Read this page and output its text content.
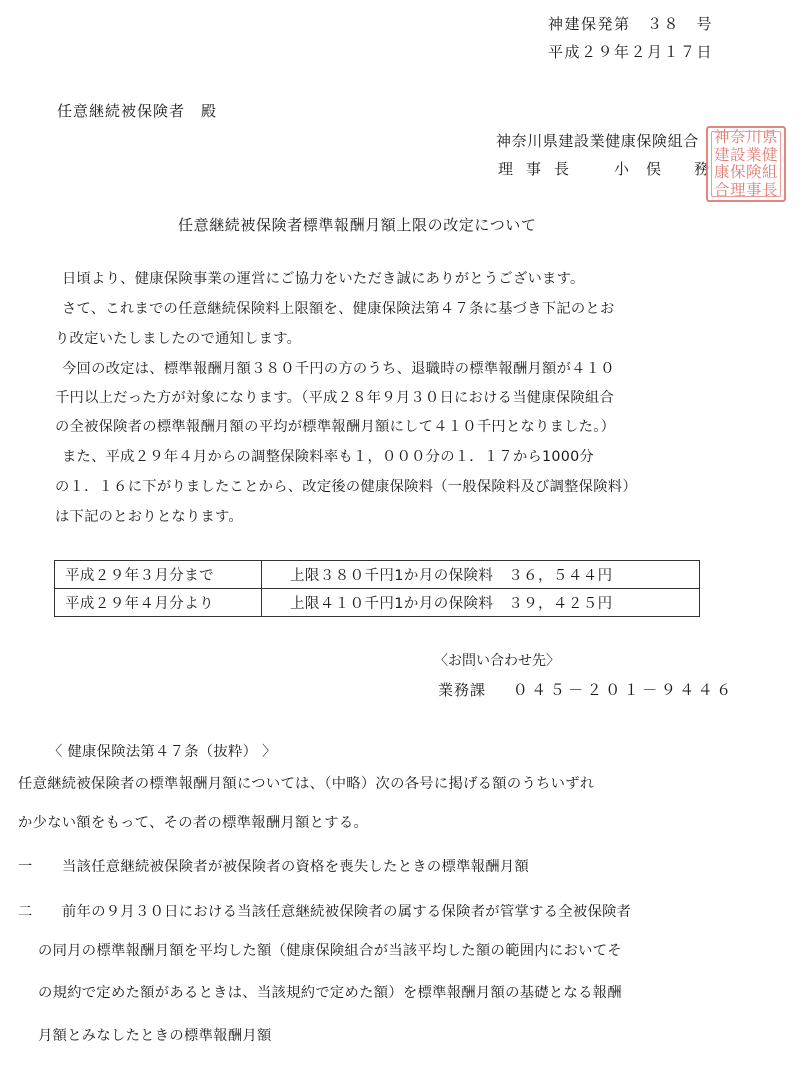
神建保発第　３８　号
平成２９年２月１７日
任意継続被保険者　殿
神奈川県建設業健康保険組合
理 事 長	小　俣　　務
神奈川県
建設業健
康保険組
合理事長
任意継続被保険者標準報酬月額上限の改定について
日頃より、健康保険事業の運営にご協力をいただき誠にありがとうございます。
さて、これまでの任意継続保険料上限額を、健康保険法第４７条に基づき下記のとお
り改定いたしましたので通知します。
今回の改定は、標準報酬月額３８０千円の方のうち、退職時の標準報酬月額が４１０
千円以上だった方が対象になります。（平成２８年９月３０日における当健康保険組合
の全被保険者の標準報酬月額の平均が標準報酬月額にして４１０千円となりました。）
また、平成２９年４月からの調整保険料率も１，０００分の１．１７から1000分
の１．１６に下がりましたことから、改定後の健康保険料（一般保険料及び調整保険料）
は下記のとおりとなります。
平成２９年３月分まで	上限３８０千円1か月の保険料　３６，５４４円
平成２９年４月分より	上限４１０千円1か月の保険料　３９，４２５円
〈お問い合わせ先〉
業務課 ０４５－２０１－９４４６
〈 健康保険法第４７条（抜粋） 〉
任意継続被保険者の標準報酬月額については、（中略）次の各号に掲げる額のうちいずれ
か少ない額をもって、その者の標準報酬月額とする。
一 当該任意継続被保険者が被保険者の資格を喪失したときの標準報酬月額
二 前年の９月３０日における当該任意継続被保険者の属する保険者が管掌する全被保険者
の同月の標準報酬月額を平均した額（健康保険組合が当該平均した額の範囲内においてそ
の規約で定めた額があるときは、当該規約で定めた額）を標準報酬月額の基礎となる報酬
月額とみなしたときの標準報酬月額
